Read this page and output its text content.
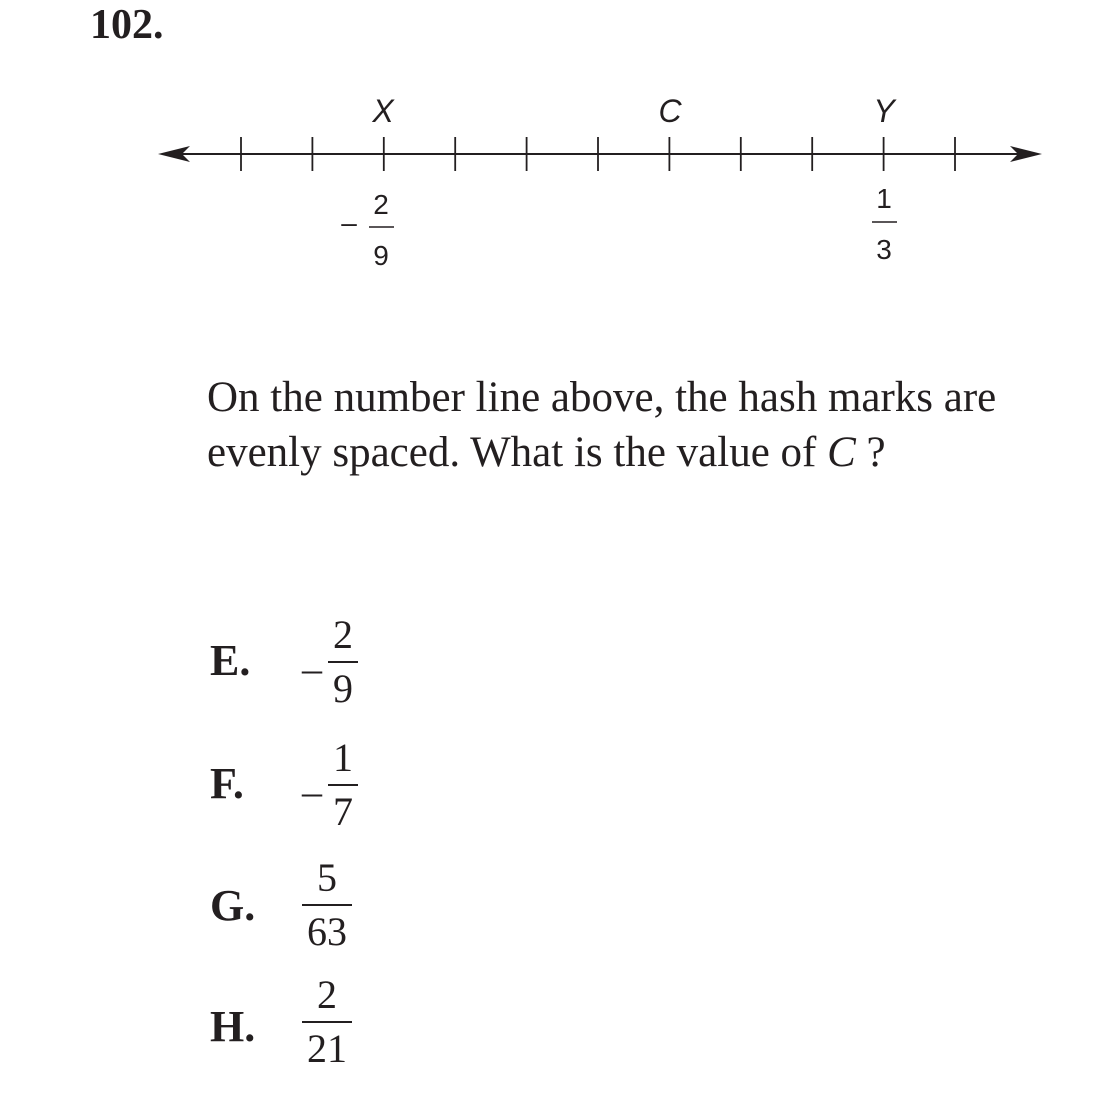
102.
X	C	Y
–
2
9
1
3
On the number line above, the hash marks are evenly spaced. What is the value of C ?
E. –
2
9
F. –
1
7
G.
5
63
H.
2
21
